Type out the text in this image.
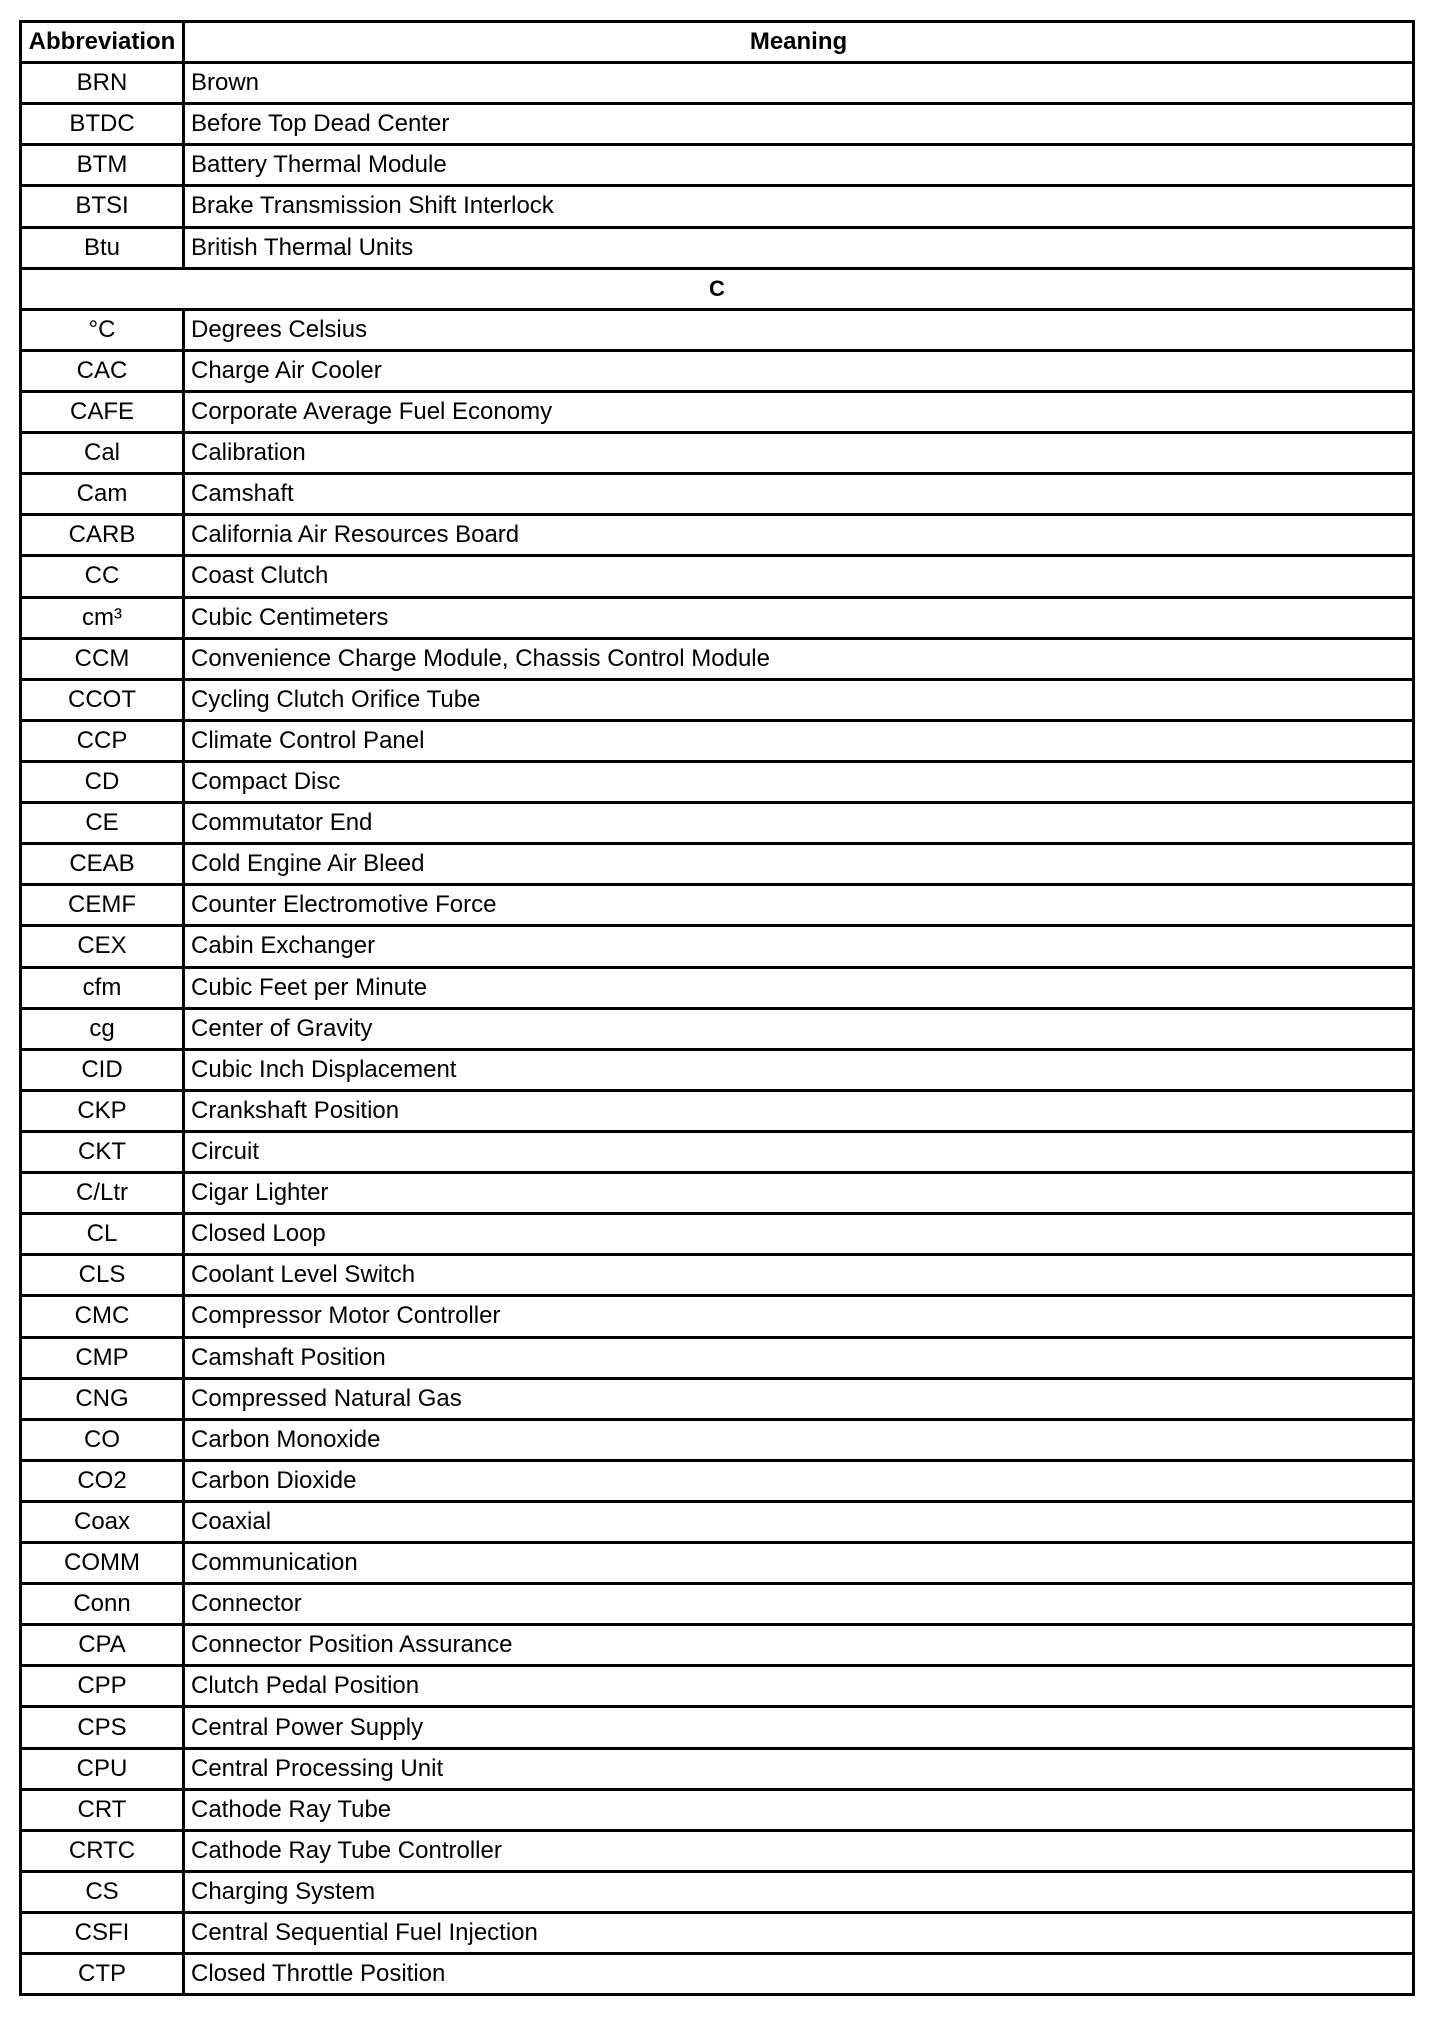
Abbreviation	Meaning
BRN	Brown
BTDC	Before Top Dead Center
BTM	Battery Thermal Module
BTSI	Brake Transmission Shift Interlock
Btu	British Thermal Units
C
°C	Degrees Celsius
CAC	Charge Air Cooler
CAFE	Corporate Average Fuel Economy
Cal	Calibration
Cam	Camshaft
CARB	California Air Resources Board
CC	Coast Clutch
cm³	Cubic Centimeters
CCM	Convenience Charge Module, Chassis Control Module
CCOT	Cycling Clutch Orifice Tube
CCP	Climate Control Panel
CD	Compact Disc
CE	Commutator End
CEAB	Cold Engine Air Bleed
CEMF	Counter Electromotive Force
CEX	Cabin Exchanger
cfm	Cubic Feet per Minute
cg	Center of Gravity
CID	Cubic Inch Displacement
CKP	Crankshaft Position
CKT	Circuit
C/Ltr	Cigar Lighter
CL	Closed Loop
CLS	Coolant Level Switch
CMC	Compressor Motor Controller
CMP	Camshaft Position
CNG	Compressed Natural Gas
CO	Carbon Monoxide
CO2	Carbon Dioxide
Coax	Coaxial
COMM	Communication
Conn	Connector
CPA	Connector Position Assurance
CPP	Clutch Pedal Position
CPS	Central Power Supply
CPU	Central Processing Unit
CRT	Cathode Ray Tube
CRTC	Cathode Ray Tube Controller
CS	Charging System
CSFI	Central Sequential Fuel Injection
CTP	Closed Throttle Position
